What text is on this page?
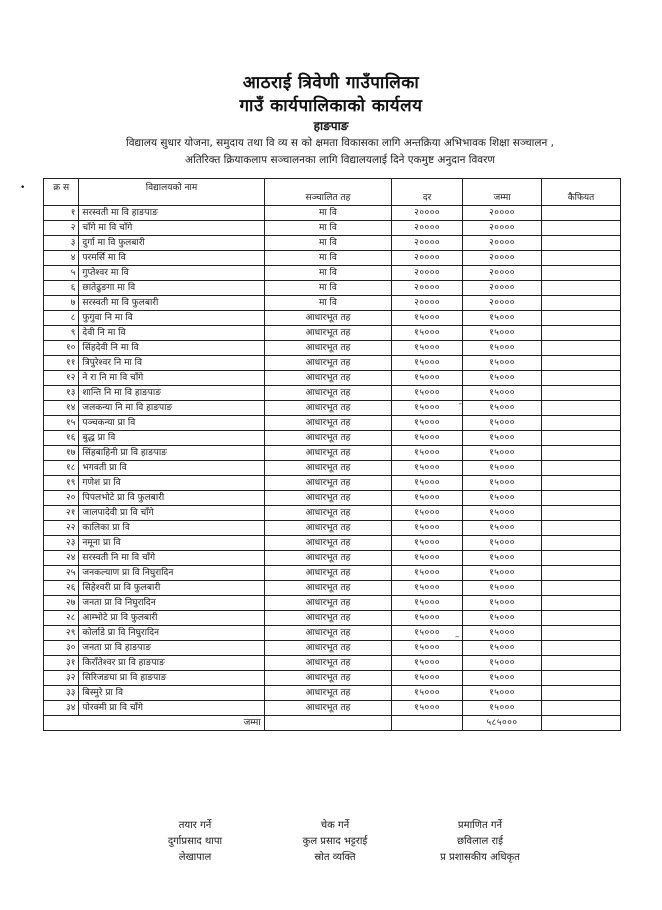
आठराई त्रिवेणी गाउँपालिका
गाउँ कार्यपालिकाको कार्यलय
हाङपाङ
विद्यालय सुधार योजना, समुदाय तथा वि व्य स को क्षमता विकासका लागि अन्तक्रिया अभिभावक शिक्षा सञ्चालन ,
अतिरिक्त क्रियाकलाप सञ्चालनका लागि विद्यालयलाई दिने एकमुष्ट अनुदान विवरण
•	क्र स	विद्यालयको नाम	सञ्चालित तह	दर	जम्मा	कैफियत
१	सरस्वती मा वि हाङपाङ	मा वि	२००००	२००००	
२	चाँगे मा वि चाँगे	मा वि	२००००	२००००	
३	दुर्गा मा वि फुलबारी	मा वि	२००००	२००००	
४	परमर्सि मा वि	मा वि	२००००	२००००	
५	गुप्तेश्वर मा वि	मा वि	२००००	२००००	
६	छातेढुङगा मा वि	मा वि	२००००	२००००	
७	सरस्वती मा वि फुलबारी	मा वि	२००००	२००००	
८	फुगुवा नि मा वि	आधारभूत तह	१५०००	१५०००	
९	देवी नि मा वि	आधारभूत तह	१५०००	१५०००	
१०	सिंहदेवी नि मा वि	आधारभूत तह	१५०००	१५०००	
११	त्रिपुरेश्वर नि मा वि	आधारभूत तह	१५०००	१५०००	
१२	ने रा नि मा वि चाँगे	आधारभूत तह	१५०००	१५०००	
१३	शान्ति नि मा वि हाङपाङ	आधारभूत तह	१५०००	१५०००	
१४	जलकन्या नि मा वि हाङपाङ	आधारभूत तह	१५०००	१५०००	
१५	पञ्चकन्या प्रा वि	आधारभूत तह	१५०००	१५०००	
१६	बुद्ध प्रा वि	आधारभूत तह	१५०००	१५०००	
१७	सिंहबाहिनी प्रा वि हाङपाङ	आधारभूत तह	१५०००	१५०००	
१८	भगवती प्रा वि	आधारभूत तह	१५०००	१५०००	
१९	गणेश प्रा वि	आधारभूत तह	१५०००	१५०००	
२०	पिपलभोटे प्रा वि फुलबारी	आधारभूत तह	१५०००	१५०००	
२१	जालपादेवी प्रा वि चाँगे	आधारभूत तह	१५०००	१५०००	
२२	कालिका प्रा वि	आधारभूत तह	१५०००	१५०००	
२३	नमूना प्रा वि	आधारभूत तह	१५०००	१५०००	
२४	सरस्वती नि मा वि चाँगे	आधारभूत तह	१५०००	१५०००	
२५	जनकल्याण प्रा वि निघुरादिन	आधारभूत तह	१५०००	१५०००	
२६	सिहेश्वरी प्रा वि फुलबारी	आधारभूत तह	१५०००	१५०००	
२७	जनता प्रा वि निघुरादिन	आधारभूत तह	१५०००	१५०००	
२८	आम्भोटे प्रा वि फुलबारी	आधारभूत तह	१५०००	१५०००	
२९	कोर्लाडे प्रा वि निघुरादिन	आधारभूत तह	१५०००	१५०००	
३०	जनता प्रा वि हाङपाङ	आधारभूत तह	१५०००	१५०००	
३१	किराँतेश्वर प्रा वि हाङपाङ	आधारभूत तह	१५०००	१५०००	
३२	सिरिजङघा प्रा वि हाङपाङ	आधारभूत तह	१५०००	१५०००	
३३	बिस्मुरे प्रा वि	आधारभूत तह	१५०००	१५०००	
३४	पोरक्मी प्रा वि चाँगे	आधारभूत तह	१५०००	१५०००	
जम्मा				५८५०००	
ˉ
–
तयार गर्ने
दुर्गाप्रसाद थापा
लेखापाल
चेक गर्ने
कुल प्रसाद भट्टराई
स्रोत व्यक्ति
प्रमाणित गर्ने
छविलाल राई
प्र प्रशासकीय अधिकृत
